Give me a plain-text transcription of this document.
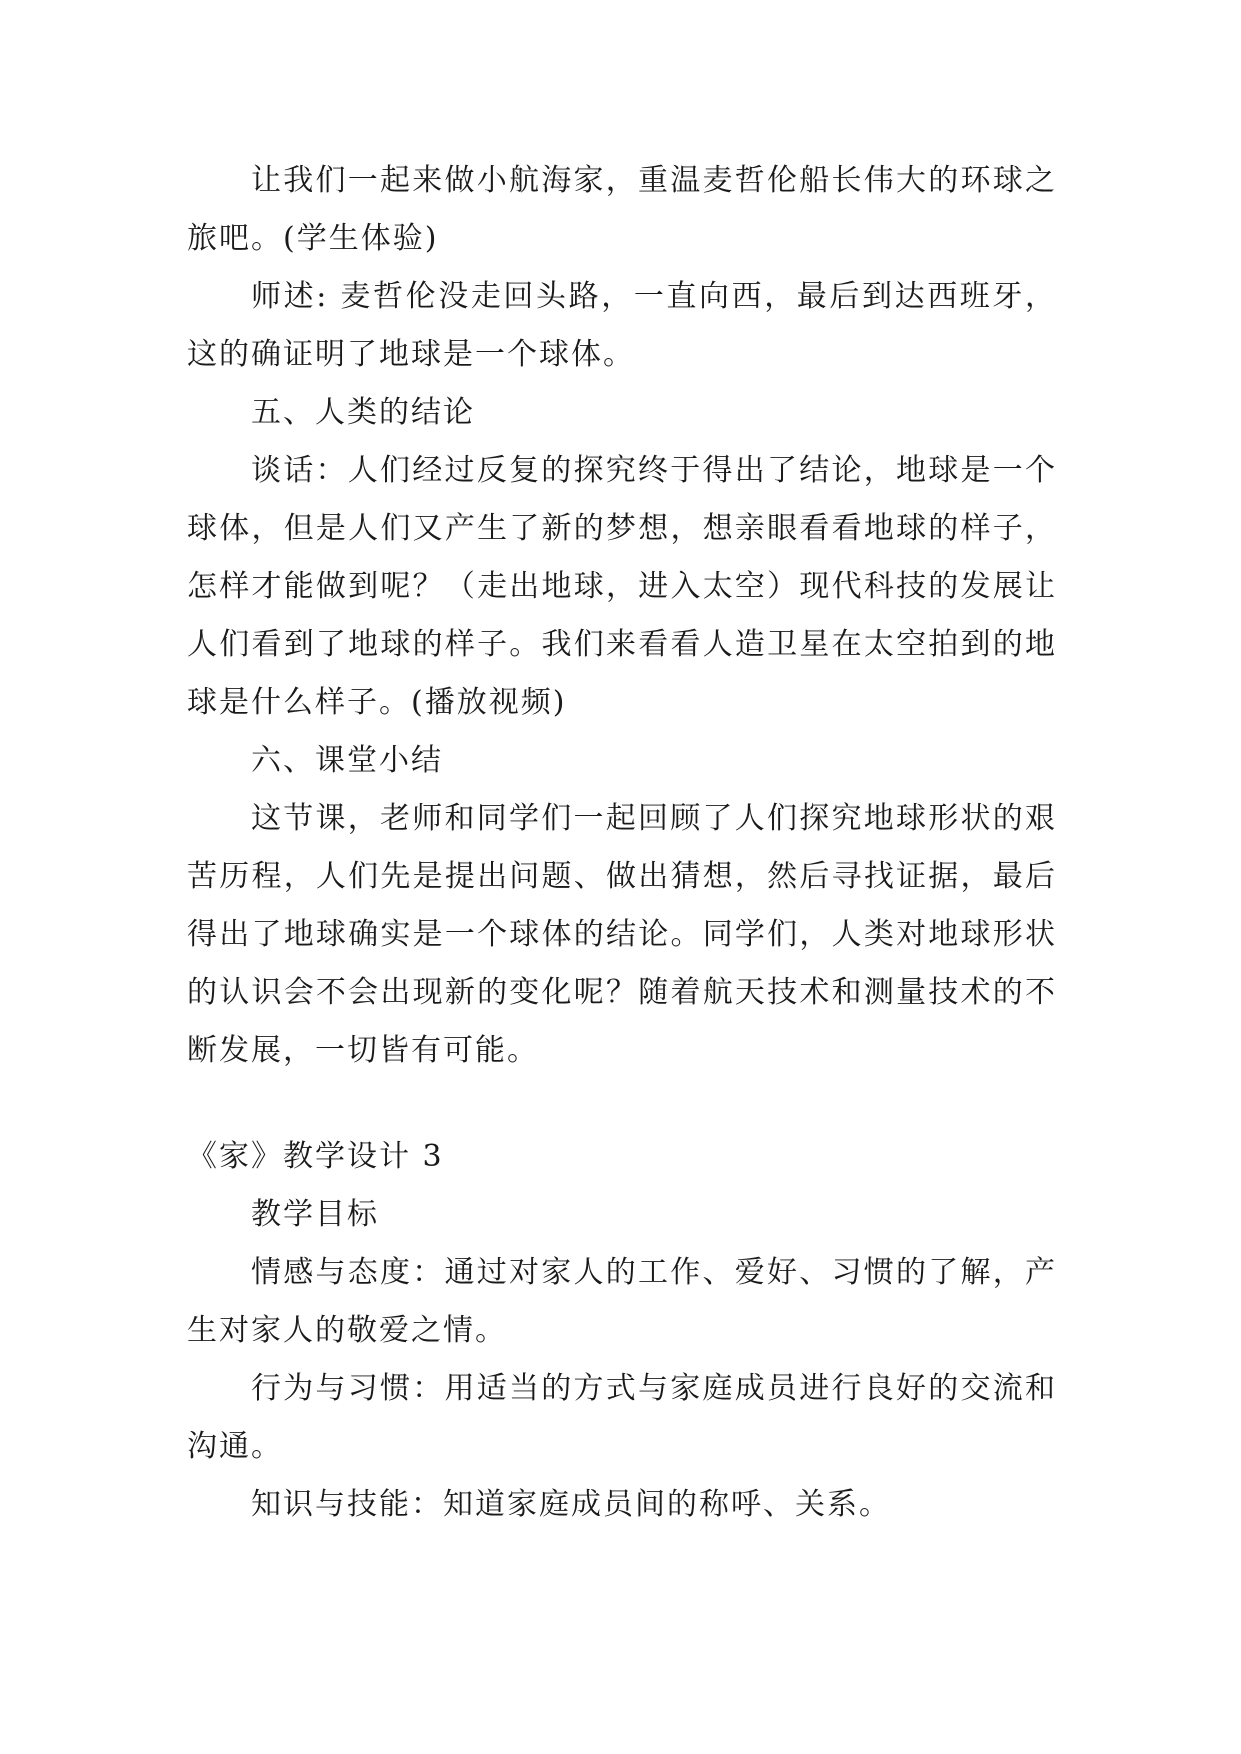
让我们一起来做小航海家，重温麦哲伦船长伟大的环球之旅吧。(学生体验)

师述: 麦哲伦没走回头路，一直向西，最后到达西班牙，这的确证明了地球是一个球体。

五、人类的结论

谈话：人们经过反复的探究终于得出了结论，地球是一个球体，但是人们又产生了新的梦想，想亲眼看看地球的样子，怎样才能做到呢？（走出地球，进入太空）现代科技的发展让人们看到了地球的样子。我们来看看人造卫星在太空拍到的地球是什么样子。(播放视频)

六、课堂小结

这节课，老师和同学们一起回顾了人们探究地球形状的艰苦历程，人们先是提出问题、做出猜想，然后寻找证据，最后得出了地球确实是一个球体的结论。同学们，人类对地球形状的认识会不会出现新的变化呢？随着航天技术和测量技术的不断发展，一切皆有可能。

《家》教学设计 3

教学目标

情感与态度：通过对家人的工作、爱好、习惯的了解，产生对家人的敬爱之情。

行为与习惯：用适当的方式与家庭成员进行良好的交流和沟通。

知识与技能：知道家庭成员间的称呼、关系。
